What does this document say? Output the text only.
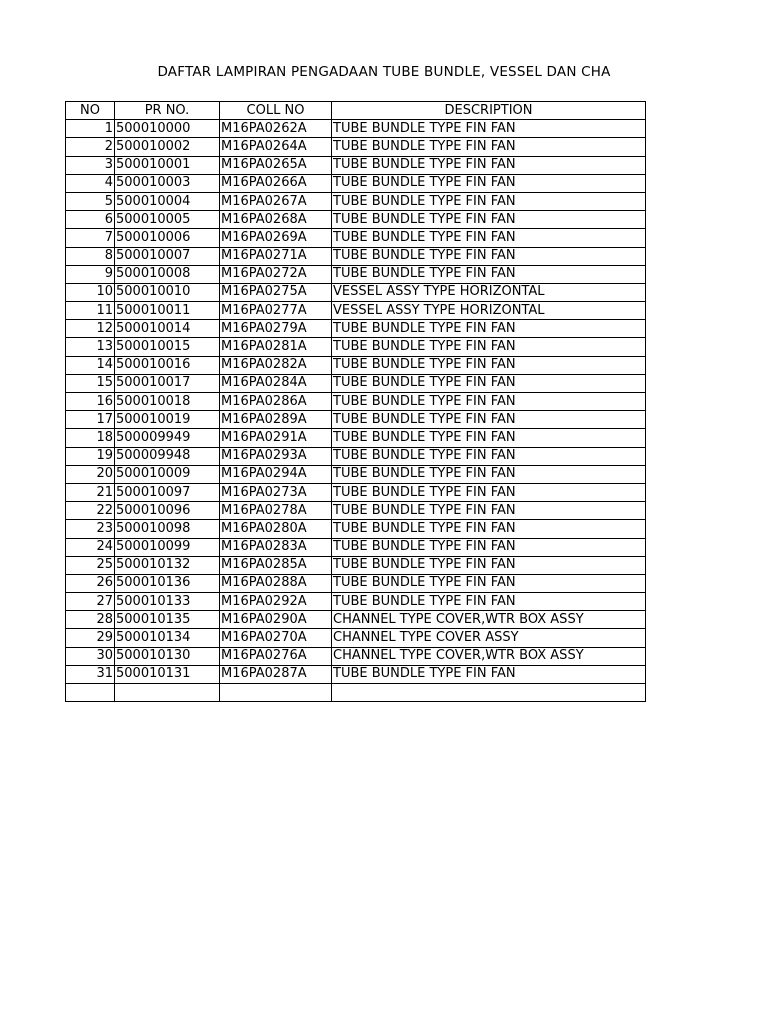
DAFTAR LAMPIRAN PENGADAAN TUBE BUNDLE, VESSEL DAN CHA
NO	PR NO.	COLL NO	DESCRIPTION
1	500010000	M16PA0262A	TUBE BUNDLE TYPE FIN FAN
2	500010002	M16PA0264A	TUBE BUNDLE TYPE FIN FAN
3	500010001	M16PA0265A	TUBE BUNDLE TYPE FIN FAN
4	500010003	M16PA0266A	TUBE BUNDLE TYPE FIN FAN
5	500010004	M16PA0267A	TUBE BUNDLE TYPE FIN FAN
6	500010005	M16PA0268A	TUBE BUNDLE TYPE FIN FAN
7	500010006	M16PA0269A	TUBE BUNDLE TYPE FIN FAN
8	500010007	M16PA0271A	TUBE BUNDLE TYPE FIN FAN
9	500010008	M16PA0272A	TUBE BUNDLE TYPE FIN FAN
10	500010010	M16PA0275A	VESSEL ASSY TYPE HORIZONTAL
11	500010011	M16PA0277A	VESSEL ASSY TYPE HORIZONTAL
12	500010014	M16PA0279A	TUBE BUNDLE TYPE FIN FAN
13	500010015	M16PA0281A	TUBE BUNDLE TYPE FIN FAN
14	500010016	M16PA0282A	TUBE BUNDLE TYPE FIN FAN
15	500010017	M16PA0284A	TUBE BUNDLE TYPE FIN FAN
16	500010018	M16PA0286A	TUBE BUNDLE TYPE FIN FAN
17	500010019	M16PA0289A	TUBE BUNDLE TYPE FIN FAN
18	500009949	M16PA0291A	TUBE BUNDLE TYPE FIN FAN
19	500009948	M16PA0293A	TUBE BUNDLE TYPE FIN FAN
20	500010009	M16PA0294A	TUBE BUNDLE TYPE FIN FAN
21	500010097	M16PA0273A	TUBE BUNDLE TYPE FIN FAN
22	500010096	M16PA0278A	TUBE BUNDLE TYPE FIN FAN
23	500010098	M16PA0280A	TUBE BUNDLE TYPE FIN FAN
24	500010099	M16PA0283A	TUBE BUNDLE TYPE FIN FAN
25	500010132	M16PA0285A	TUBE BUNDLE TYPE FIN FAN
26	500010136	M16PA0288A	TUBE BUNDLE TYPE FIN FAN
27	500010133	M16PA0292A	TUBE BUNDLE TYPE FIN FAN
28	500010135	M16PA0290A	CHANNEL TYPE COVER,WTR BOX ASSY
29	500010134	M16PA0270A	CHANNEL TYPE COVER ASSY
30	500010130	M16PA0276A	CHANNEL TYPE COVER,WTR BOX ASSY
31	500010131	M16PA0287A	TUBE BUNDLE TYPE FIN FAN
